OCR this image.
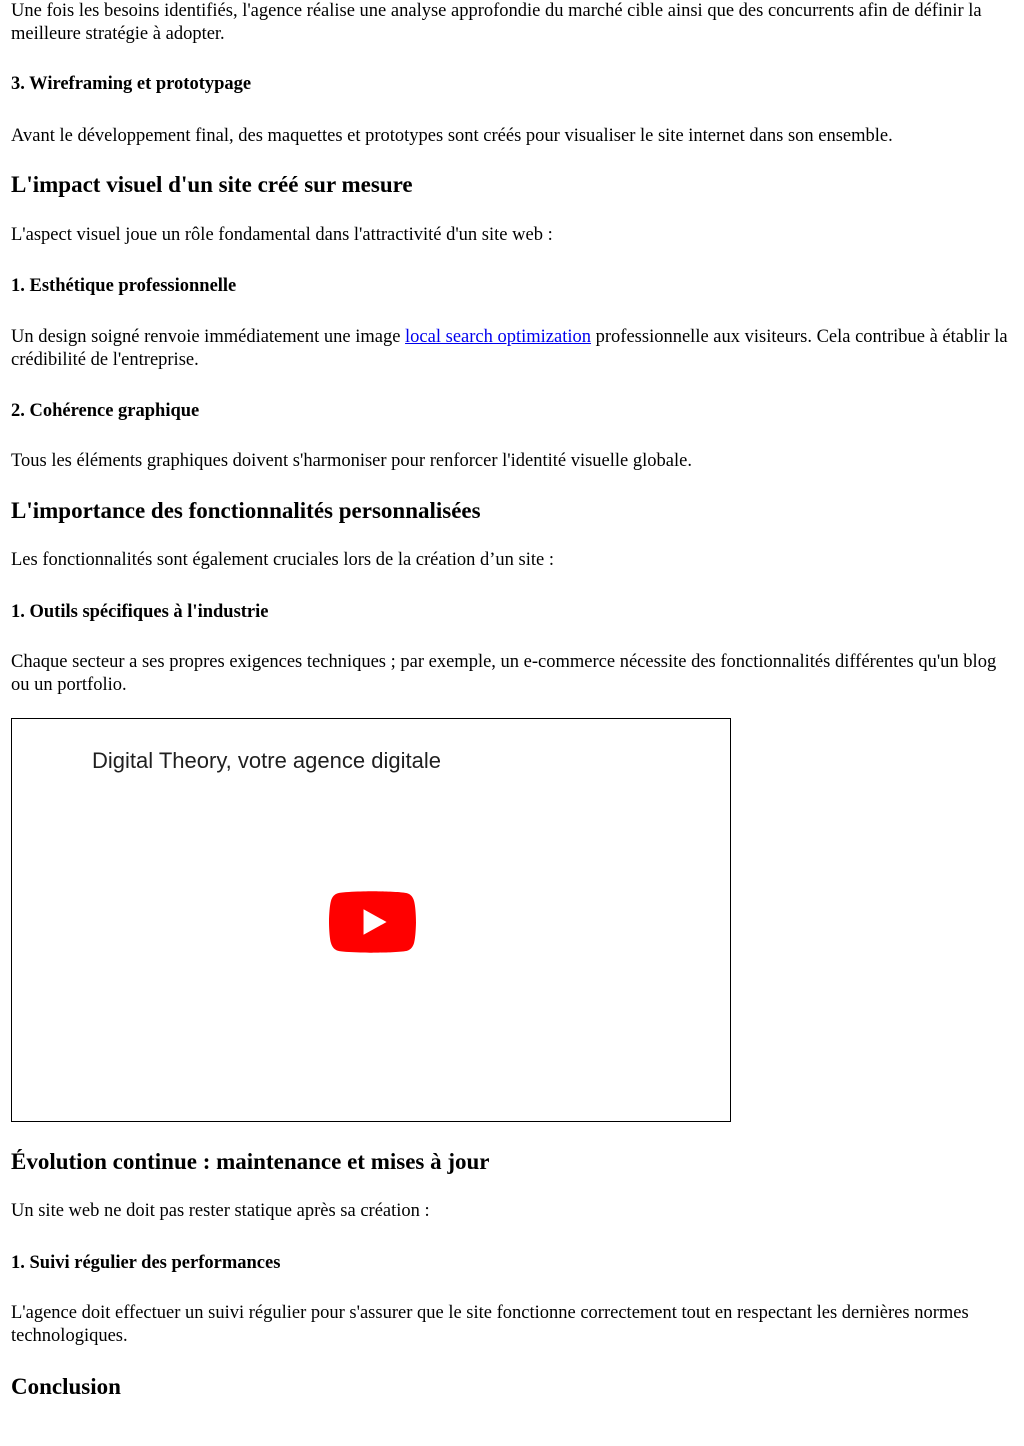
Une fois les besoins identifiés, l'agence réalise une analyse approfondie du marché cible ainsi que des concurrents afin de définir la meilleure stratégie à adopter.

3. Wireframing et prototypage

Avant le développement final, des maquettes et prototypes sont créés pour visualiser le site internet dans son ensemble.

L'impact visuel d'un site créé sur mesure

L'aspect visuel joue un rôle fondamental dans l'attractivité d'un site web :

1. Esthétique professionnelle

Un design soigné renvoie immédiatement une image local search optimization professionnelle aux visiteurs. Cela contribue à établir la crédibilité de l'entreprise.

2. Cohérence graphique

Tous les éléments graphiques doivent s'harmoniser pour renforcer l'identité visuelle globale.

L'importance des fonctionnalités personnalisées

Les fonctionnalités sont également cruciales lors de la création d’un site :

1. Outils spécifiques à l'industrie

Chaque secteur a ses propres exigences techniques ; par exemple, un e-commerce nécessite des fonctionnalités différentes qu'un blog ou un portfolio.

Digital Theory, votre agence digitale
Évolution continue : maintenance et mises à jour

Un site web ne doit pas rester statique après sa création :

1. Suivi régulier des performances

L'agence doit effectuer un suivi régulier pour s'assurer que le site fonctionne correctement tout en respectant les dernières normes technologiques.

Conclusion
